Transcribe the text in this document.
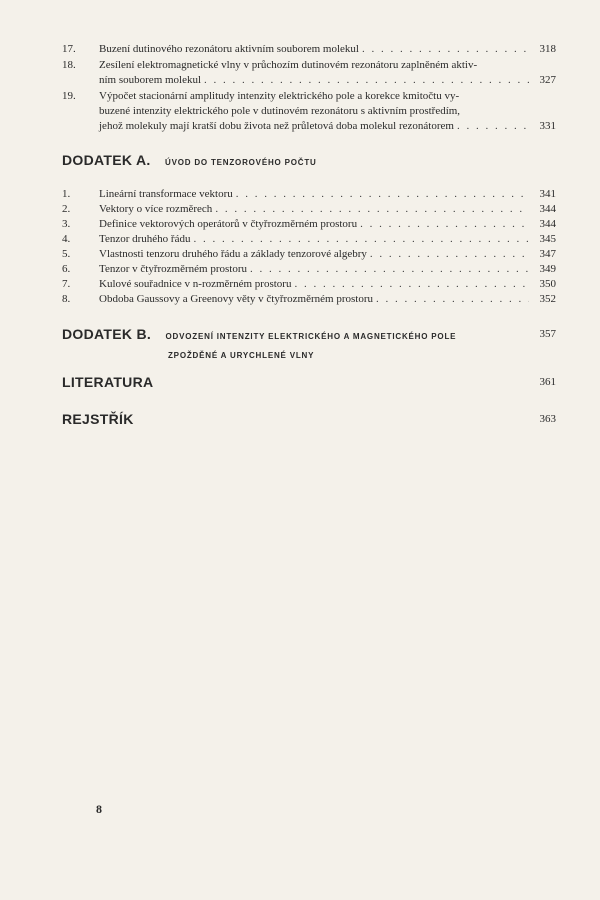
17.	Buzení dutinového rezonátoru aktivním souborem molekul . . .	318
18.	Zesílení elektromagnetické vlny v průchozím dutinovém rezonátoru zaplněném aktiv-
ním souborem molekul . . .	327
19.	Výpočet stacionární amplitudy intenzity elektrického pole a korekce kmitočtu vy-
buzené intenzity elektrického pole v dutinovém rezonátoru s aktivním prostředím,
jehož molekuly mají kratší dobu života než průletová doba molekul rezonátorem . . .	331
DODATEK A. ÚVOD DO TENZOROVÉHO POČTU
1.	Lineární transformace vektoru . . .	341
2.	Vektory o více rozměrech . . .	344
3.	Definice vektorových operátorů v čtyřrozměrném prostoru . . .	344
4.	Tenzor druhého řádu . . .	345
5.	Vlastnosti tenzoru druhého řádu a základy tenzorové algebry . . .	347
6.	Tenzor v čtyřrozměrném prostoru . . .	349
7.	Kulové souřadnice v n-rozměrném prostoru . . .	350
8.	Obdoba Gaussovy a Greenovy věty v čtyřrozměrném prostoru . . .	352
DODATEK B. ODVOZENÍ INTENZITY ELEKTRICKÉHO A MAGNETICKÉHO POLE
ZPOŽDĚNÉ A URYCHLENÉ VLNY
357
LITERATURA	361
REJSTŘÍK	363
8
